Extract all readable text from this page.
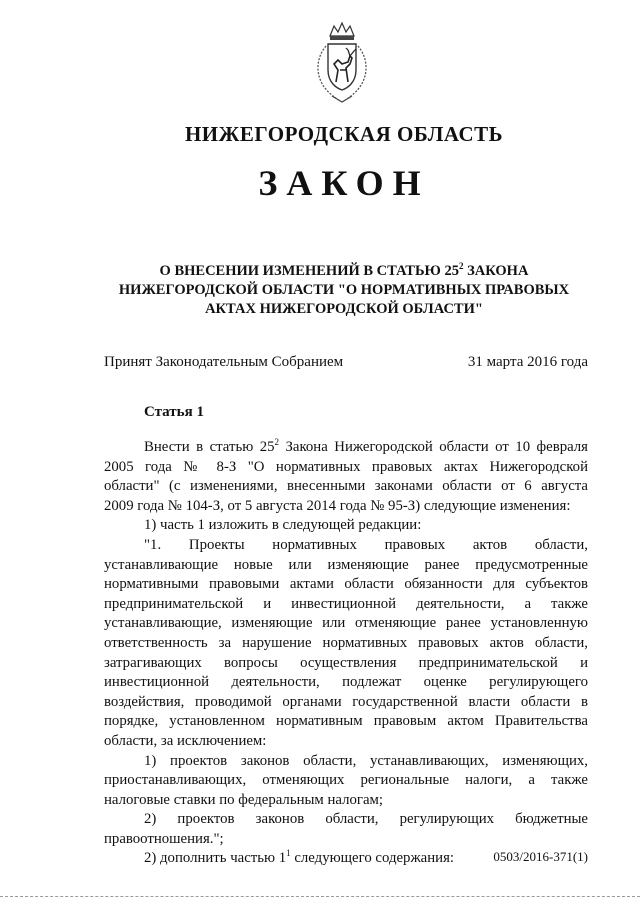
НИЖЕГОРОДСКАЯ ОБЛАСТЬ
ЗАКОН
О ВНЕСЕНИИ ИЗМЕНЕНИЙ В СТАТЬЮ $25^2$ ЗАКОНА
НИЖЕГОРОДСКОЙ ОБЛАСТИ "О НОРМАТИВНЫХ ПРАВОВЫХ
АКТАХ НИЖЕГОРОДСКОЙ ОБЛАСТИ"
Принят Законодательным Собранием	31 марта 2016 года
Статья 1

Внести в статью $25^2$ Закона Нижегородской области от 10 февраля

2005 года № 8-З "О нормативных правовых актах Нижегородской

области" (с изменениями, внесенными законами области от 6 августа

2009 года № 104-З, от 5 августа 2014 года № 95-З) следующие изменения:

1) часть 1 изложить в следующей редакции:

"1. Проекты нормативных правовых актов области,

устанавливающие новые или изменяющие ранее предусмотренные

нормативными правовыми актами области обязанности для субъектов

предпринимательской и инвестиционной деятельности, а также

устанавливающие, изменяющие или отменяющие ранее установленную

ответственность за нарушение нормативных правовых актов области,

затрагивающих вопросы осуществления предпринимательской и

инвестиционной деятельности, подлежат оценке регулирующего

воздействия, проводимой органами государственной власти области в

порядке, установленном нормативным правовым актом Правительства

области, за исключением:

1) проектов законов области, устанавливающих, изменяющих,

приостанавливающих, отменяющих региональные налоги, а также

налоговые ставки по федеральным налогам;

2) проектов законов области, регулирующих бюджетные

правоотношения.";

2) дополнить частью $1^1$ следующего содержания:	0503/2016-371(1)
